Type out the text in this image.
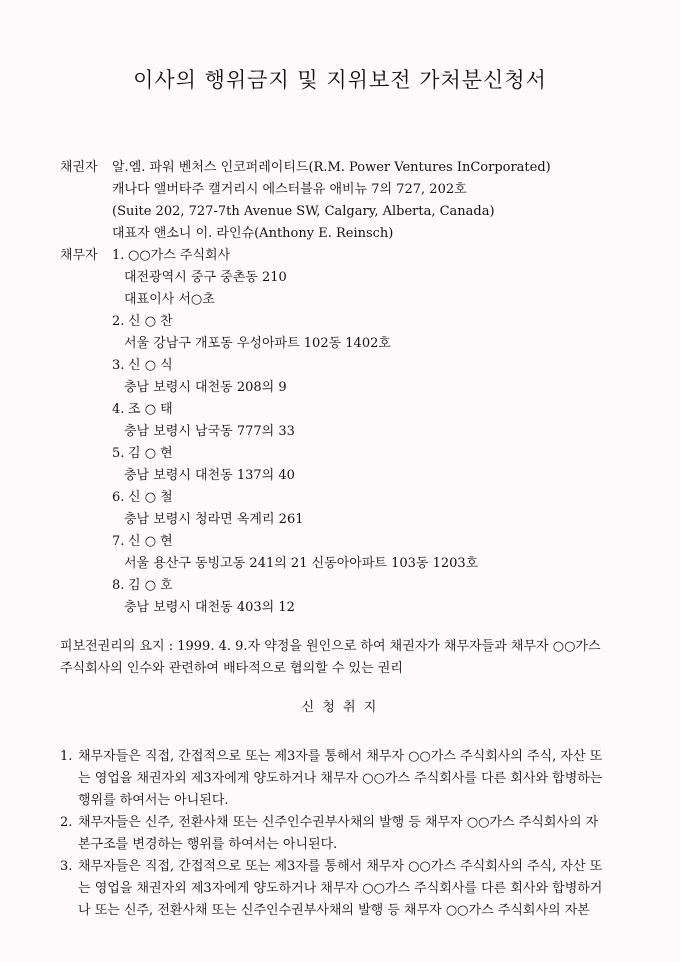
이사의 행위금지 및 지위보전 가처분신청서
채권자 알.엠. 파워 벤처스 인코퍼레이티드(R.M. Power Ventures InCorporated)
캐나다 앨버타주 캘거리시 에스터블유 애비뉴 7의 727, 202호
(Suite 202, 727-7th Avenue SW, Calgary, Alberta, Canada)
대표자 앤소니 이. 라인슈(Anthony E. Reinsch)
채무자 1. ○○가스 주식회사
대전광역시 중구 중촌동 210
대표이사 서○초
2. 신 ○ 찬
서울 강남구 개포동 우성아파트 102동 1402호
3. 신 ○ 식
충남 보령시 대천동 208의 9
4. 조 ○ 태
충남 보령시 남국동 777의 33
5. 김 ○ 현
충남 보령시 대천동 137의 40
6. 신 ○ 철
충남 보령시 청라면 옥계리 261
7. 신 ○ 현
서울 용산구 동빙고동 241의 21 신동아아파트 103동 1203호
8. 김 ○ 호
충남 보령시 대천동 403의 12
피보전권리의 요지 : 1999. 4. 9.자 약정을 원인으로 하여 채권자가 채무자들과 채무자 ○○가스
주식회사의 인수와 관련하여 배타적으로 협의할 수 있는 권리
신 청 취 지
1. 채무자들은 직접, 간접적으로 또는 제3자를 통해서 채무자 ○○가스 주식회사의 주식, 자산 또
는 영업을 채권자외 제3자에게 양도하거나 채무자 ○○가스 주식회사를 다른 회사와 합병하는
행위를 하여서는 아니된다.
2. 채무자들은 신주, 전환사채 또는 신주인수권부사채의 발행 등 채무자 ○○가스 주식회사의 자
본구조를 변경하는 행위를 하여서는 아니된다.
3. 채무자들은 직접, 간접적으로 또는 제3자를 통해서 채무자 ○○가스 주식회사의 주식, 자산 또
는 영업을 채권자외 제3자에게 양도하거나 채무자 ○○가스 주식회사를 다른 회사와 합병하거
나 또는 신주, 전환사채 또는 신주인수권부사채의 발행 등 채무자 ○○가스 주식회사의 자본
